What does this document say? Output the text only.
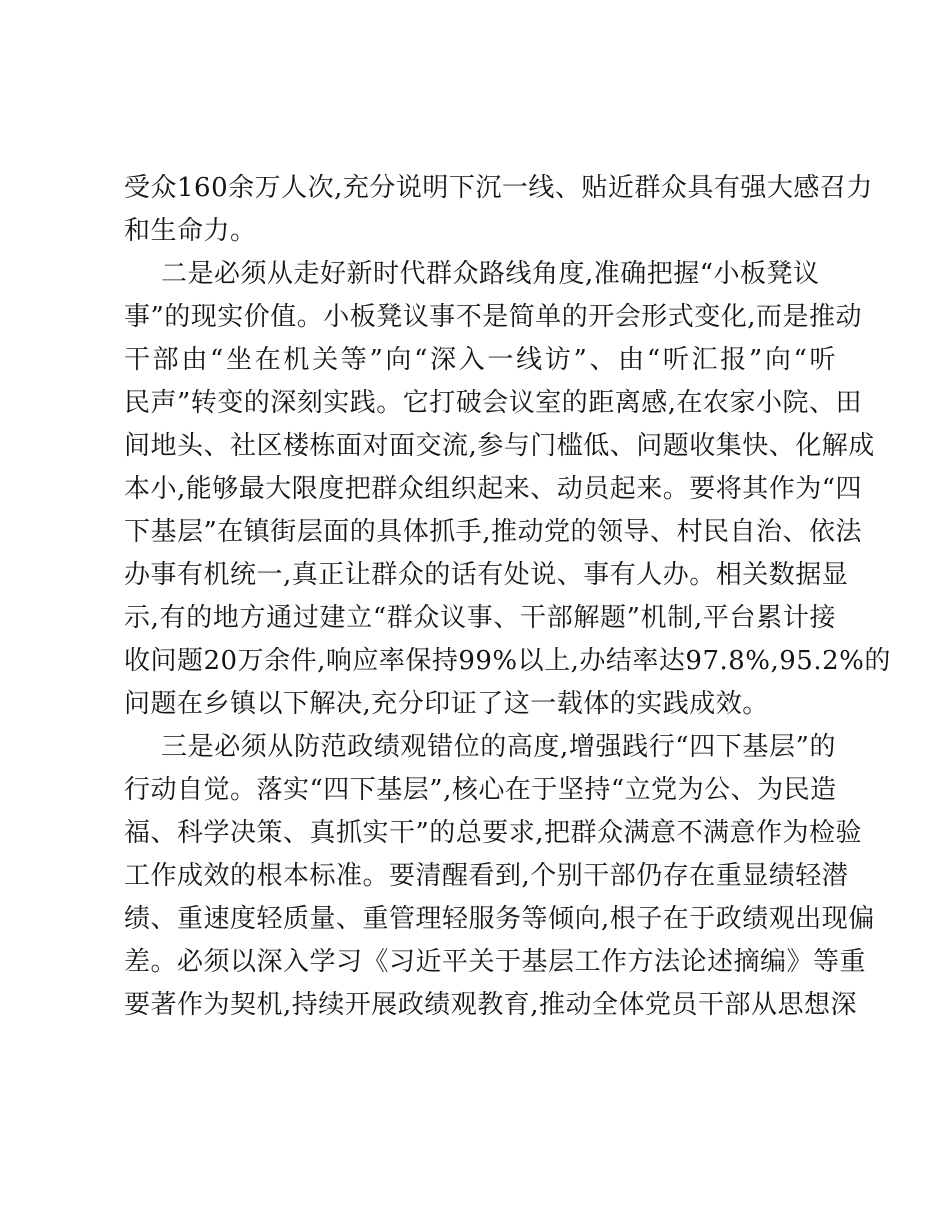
受众160余万人次,充分说明下沉一线、贴近群众具有强大感召力
和生命力。
二是必须从走好新时代群众路线角度,准确把握“小板凳议
事”的现实价值。小板凳议事不是简单的开会形式变化,而是推动
干部由“坐在机关等”向“深入一线访”、由“听汇报”向“听
民声”转变的深刻实践。它打破会议室的距离感,在农家小院、田
间地头、社区楼栋面对面交流,参与门槛低、问题收集快、化解成
本小,能够最大限度把群众组织起来、动员起来。要将其作为“四
下基层”在镇街层面的具体抓手,推动党的领导、村民自治、依法
办事有机统一,真正让群众的话有处说、事有人办。相关数据显
示,有的地方通过建立“群众议事、干部解题”机制,平台累计接
收问题20万余件,响应率保持99%以上,办结率达97.8%,95.2%的
问题在乡镇以下解决,充分印证了这一载体的实践成效。
三是必须从防范政绩观错位的高度,增强践行“四下基层”的
行动自觉。落实“四下基层”,核心在于坚持“立党为公、为民造
福、科学决策、真抓实干”的总要求,把群众满意不满意作为检验
工作成效的根本标准。要清醒看到,个别干部仍存在重显绩轻潜
绩、重速度轻质量、重管理轻服务等倾向,根子在于政绩观出现偏
差。必须以深入学习《习近平关于基层工作方法论述摘编》等重
要著作为契机,持续开展政绩观教育,推动全体党员干部从思想深
